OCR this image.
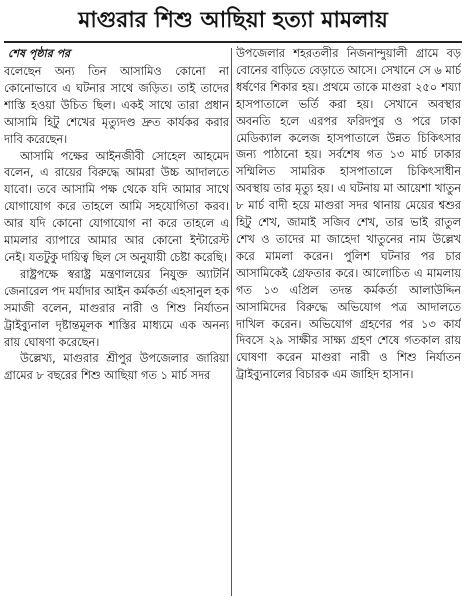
মাগুরার শিশু আছিয়া হত্যা মামলায়
শেষ পৃষ্ঠার পর

বলেছেন অন্য তিন আসামিও কোনো না কোনোভাবে এ ঘটনার সাথে জড়িত। তাই তাদের শাস্তি হওয়া উচিত ছিল। একই সাথে তারা প্রধান আসামি হিটু শেখের মৃত্যুদণ্ড দ্রুত কার্যকর করার দাবি করেছেন।

আসামি পক্ষের আইনজীবী সোহেল আহমেদ বলেন, এ রায়ের বিরুদ্ধে আমরা উচ্চ আদালতে যাবো। তবে আসামি পক্ষ থেকে যদি আমার সাথে যোগাযোগ করে তাহলে আমি সহযোগিতা করব। আর যদি কোনো যোগাযোগ না করে তাহলে এ মামলার ব্যাপারে আমার আর কোনো ইন্টারেস্ট নেই। যতটুকু দায়িত্ব ছিল সে অনুযায়ী চেষ্টা করেছি।

রাষ্ট্রপক্ষে স্বরাষ্ট্র মন্ত্রণালয়ের নিযুক্ত অ্যাটর্নি জেনারেল পদ মর্যাদার আইন কর্মকর্তা এহসানুল হক সমাজী বলেন, মাগুরার নারী ও শিশু নির্যাতন ট্রাইব্যুনাল দৃষ্টান্তমূলক শাস্তির মাধ্যমে এক অনন্য রায় ঘোষণা করেছেন।

উল্লেখ্য, মাগুরার শ্রীপুর উপজেলার জারিয়া গ্রামের ৮ বছরের শিশু আছিয়া গত ১ মার্চ সদর

উপজেলার শহরতলীর নিজনান্দুয়ালী গ্রামে বড় বোনের বাড়িতে বেড়াতে আসে। সেখানে সে ৬ মার্চ ধর্ষণের শিকার হয়। প্রথমে তাকে মাগুরা ২৫০ শয্যা হাসপাতালে ভর্তি করা হয়। সেখানে অবস্থার অবনতি হলে এরপর ফরিদপুর ও পরে ঢাকা মেডিক্যাল কলেজ হাসপাতালে উন্নত চিকিৎসার জন্য পাঠানো হয়। সর্বশেষ গত ১৩ মার্চ ঢাকার সম্মিলিত সামরিক হাসপাতালে চিকিৎসাধীন অবস্থায় তার মৃত্যু হয়। এ ঘটনায় মা আয়েশা খাতুন ৮ মার্চ বাদী হয়ে মাগুরা সদর থানায় মেয়ের শ্বশুর হিটু শেখ, জামাই সজিব শেখ, তার ভাই রাতুল শেখ ও তাদের মা জাহেদা খাতুনের নাম উল্লেখ করে মামলা করেন। পুলিশ ঘটনার পর চার আসামিকেই গ্রেফতার করে। আলোচিত এ মামলায় গত ১৩ এপ্রিল তদন্ত কর্মকর্তা আলাউদ্দিন আসামিদের বিরুদ্ধে অভিযোগ পত্র আদালতে দাখিল করেন। অভিযোগ গ্রহণের পর ১৩ কার্য দিবসে ২৯ সাক্ষীর সাক্ষ্য গ্রহণ শেষে গতকাল রায় ঘোষণা করেন মাগুরা নারী ও শিশু নির্যাতন ট্রাইব্যুনালের বিচারক এম জাহিদ হাসান।
